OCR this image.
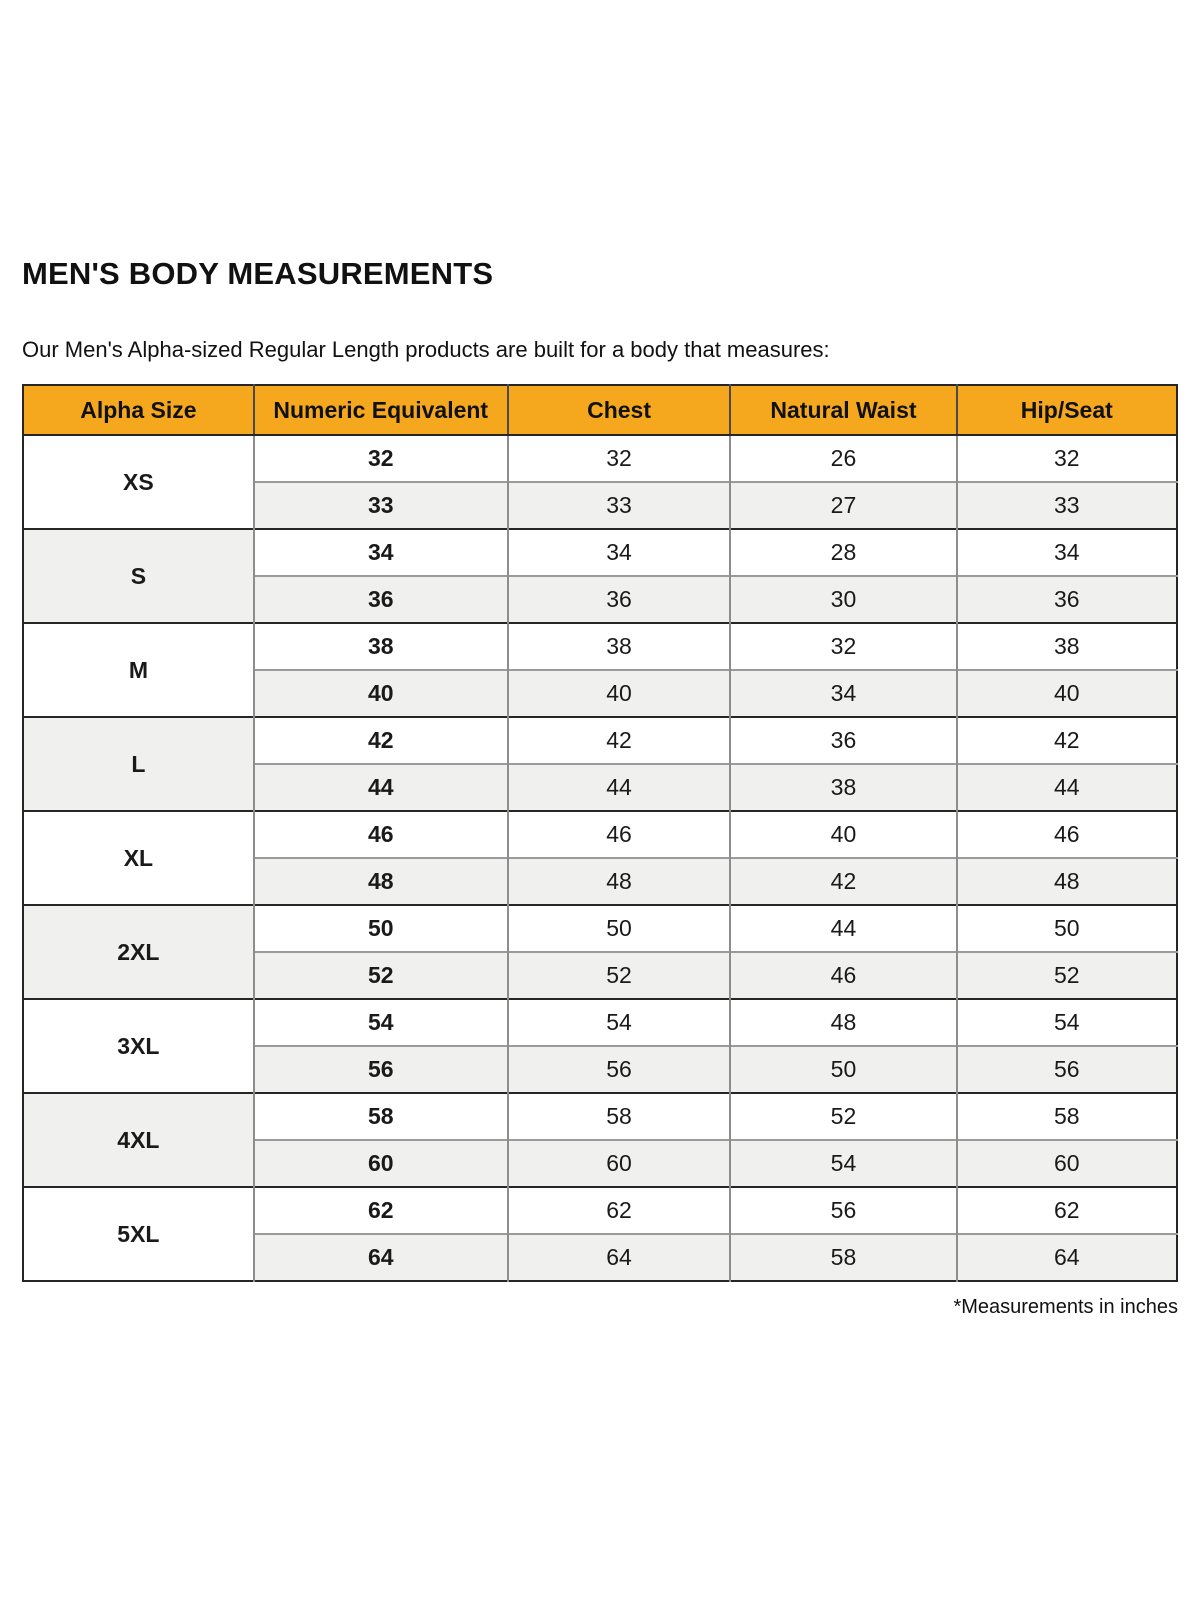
MEN'S BODY MEASUREMENTS

Our Men's Alpha-sized Regular Length products are built for a body that measures:

Alpha Size	Numeric Equivalent	Chest	Natural Waist	Hip/Seat
XS	32	32	26	32
	33	33	27	33
S	34	34	28	34
	36	36	30	36
M	38	38	32	38
	40	40	34	40
L	42	42	36	42
	44	44	38	44
XL	46	46	40	46
	48	48	42	48
2XL	50	50	44	50
	52	52	46	52
3XL	54	54	48	54
	56	56	50	56
4XL	58	58	52	58
	60	60	54	60
5XL	62	62	56	62
	64	64	58	64

*Measurements in inches
